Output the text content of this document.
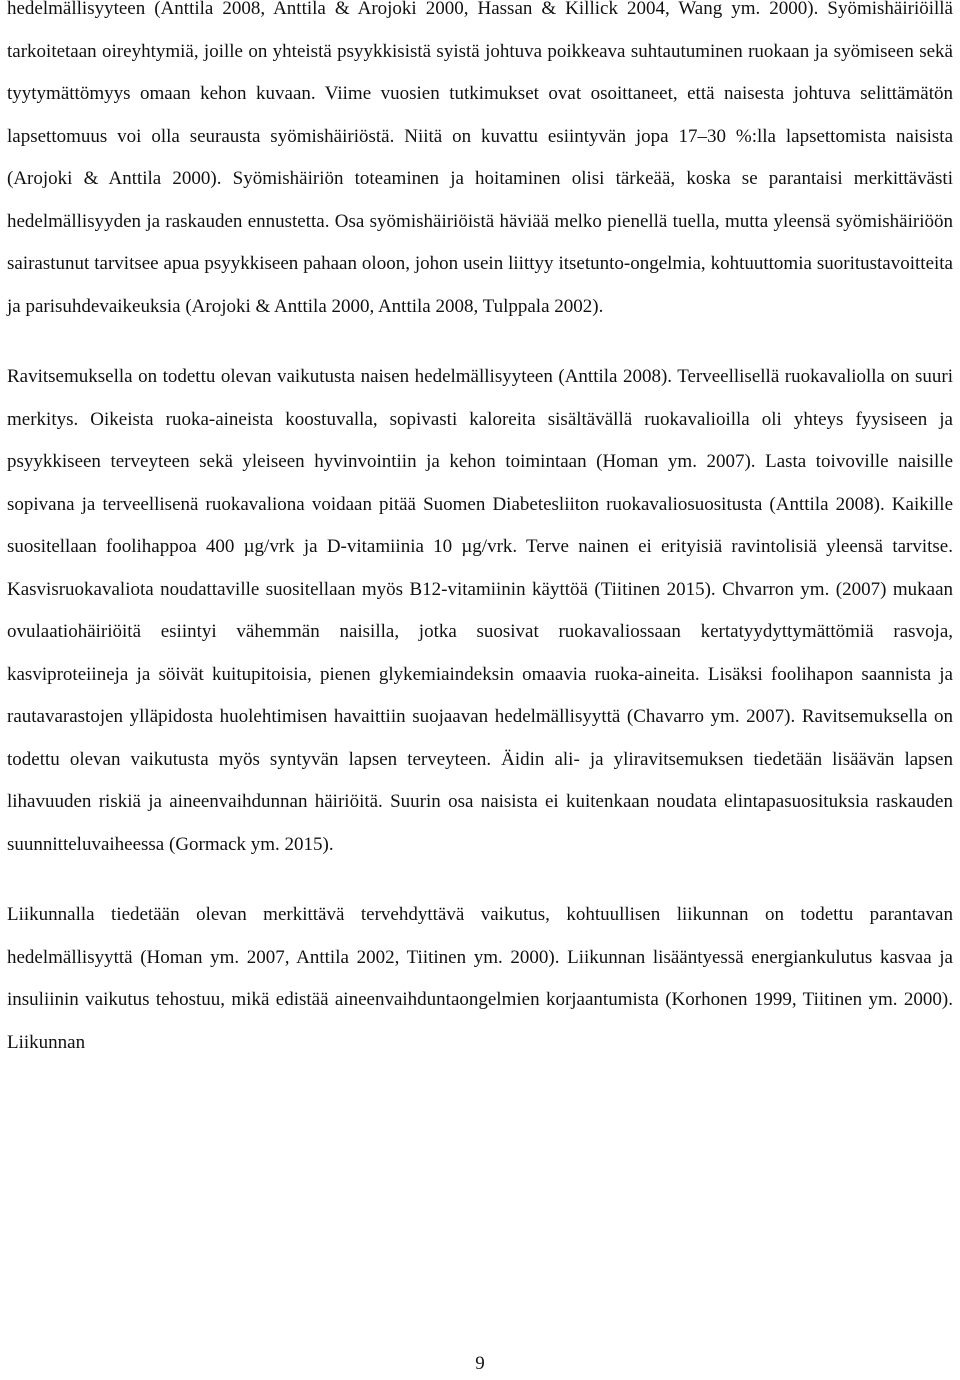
hedelmällisyyteen (Anttila 2008, Anttila & Arojoki 2000, Hassan & Killick 2004, Wang ym. 2000). Syömishäiriöillä tarkoitetaan oireyhtymiä, joille on yhteistä psyykkisistä syistä johtuva poikkeava suhtautuminen ruokaan ja syömiseen sekä tyytymättömyys omaan kehon kuvaan. Viime vuosien tutkimukset ovat osoittaneet, että naisesta johtuva selittämätön lapsettomuus voi olla seurausta syömishäiriöstä. Niitä on kuvattu esiintyvän jopa 17–30 %:lla lapsettomista naisista (Arojoki & Anttila 2000). Syömishäiriön toteaminen ja hoitaminen olisi tärkeää, koska se parantaisi merkittävästi hedelmällisyyden ja raskauden ennustetta. Osa syömishäiriöistä häviää melko pienellä tuella, mutta yleensä syömishäiriöön sairastunut tarvitsee apua psyykkiseen pahaan oloon, johon usein liittyy itsetunto-ongelmia, kohtuuttomia suoritustavoitteita ja parisuhdevaikeuksia (Arojoki & Anttila 2000, Anttila 2008, Tulppala 2002).

Ravitsemuksella on todettu olevan vaikutusta naisen hedelmällisyyteen (Anttila 2008). Terveellisellä ruokavaliolla on suuri merkitys. Oikeista ruoka-aineista koostuvalla, sopivasti kaloreita sisältävällä ruokavalioilla oli yhteys fyysiseen ja psyykkiseen terveyteen sekä yleiseen hyvinvointiin ja kehon toimintaan (Homan ym. 2007). Lasta toivoville naisille sopivana ja terveellisenä ruokavaliona voidaan pitää Suomen Diabetesliiton ruokavaliosuositusta (Anttila 2008). Kaikille suositellaan foolihappoa 400 µg/vrk ja D-vitamiinia 10 µg/vrk. Terve nainen ei erityisiä ravintolisiä yleensä tarvitse. Kasvisruokavaliota noudattaville suositellaan myös B12-vitamiinin käyttöä (Tiitinen 2015). Chvarron ym. (2007) mukaan ovulaatiohäiriöitä esiintyi vähemmän naisilla, jotka suosivat ruokavaliossaan kertatyydyttymättömiä rasvoja, kasviproteiineja ja söivät kuitupitoisia, pienen glykemiaindeksin omaavia ruoka-aineita. Lisäksi foolihapon saannista ja rautavarastojen ylläpidosta huolehtimisen havaittiin suojaavan hedelmällisyyttä (Chavarro ym. 2007). Ravitsemuksella on todettu olevan vaikutusta myös syntyvän lapsen terveyteen. Äidin ali- ja yliravitsemuksen tiedetään lisäävän lapsen lihavuuden riskiä ja aineenvaihdunnan häiriöitä. Suurin osa naisista ei kuitenkaan noudata elintapasuosituksia raskauden suunnitteluvaiheessa (Gormack ym. 2015).

Liikunnalla tiedetään olevan merkittävä tervehdyttävä vaikutus, kohtuullisen liikunnan on todettu parantavan hedelmällisyyttä (Homan ym. 2007, Anttila 2002, Tiitinen ym. 2000). Liikunnan lisääntyessä energiankulutus kasvaa ja insuliinin vaikutus tehostuu, mikä edistää aineenvaihduntaongelmien korjaantumista (Korhonen 1999, Tiitinen ym. 2000). Liikunnan

9
